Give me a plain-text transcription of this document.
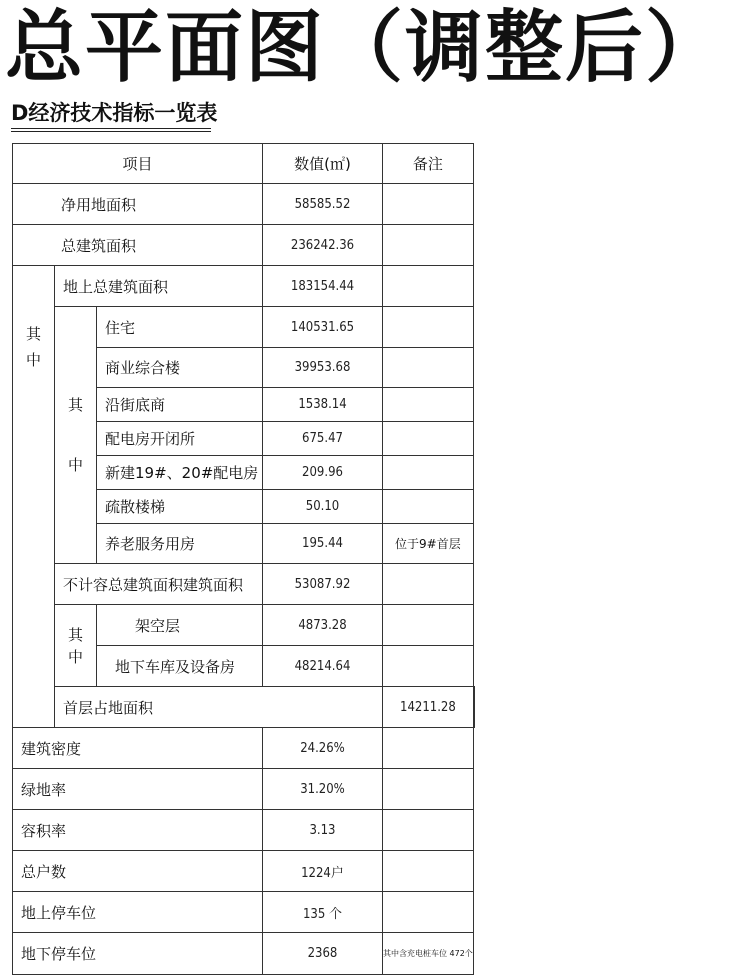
总平面图（调整后）
D经济技术指标一览表
项目			数值(㎡)	备注	
净用地面积			58585.52		
总建筑面积			236242.36		

其中	地上总建筑面积		183154.44		

	其中	住宅	140531.65		
		商业综合楼	39953.68		
		沿街底商	1538.14		
		配电房开闭所	675.47		
		新建19#、20#配电房	209.96		
		疏散楼梯	50.10		
		养老服务用房	195.44	位于9#首层	
	不计容总建筑面积建筑面积		53087.92		

	其中	架空层	4873.28		
		地下车库及设备房	48214.64		
	首层占地面积			14211.28	
建筑密度			24.26%		
绿地率			31.20%		
容积率			3.13		
总户数			1224户		
地上停车位			135 个		
地下停车位			2368	其中含充电桩车位 472个	
